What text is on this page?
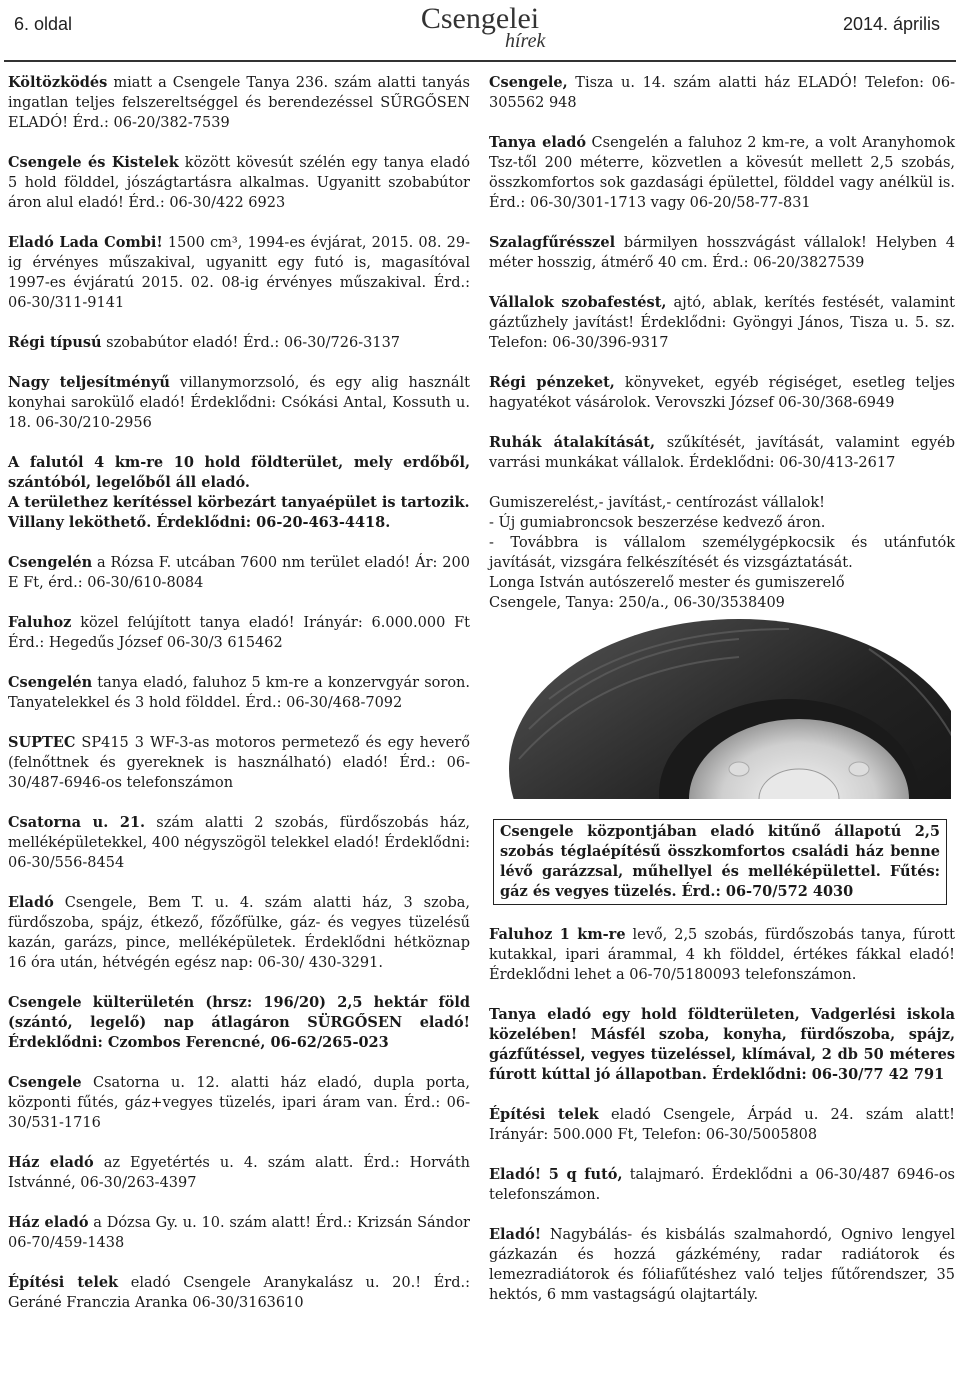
6. oldal	Csengelei
hírek
2014. április

Költözködés miatt a Csengele Tanya 236. szám alatti tanyás ingatlan teljes felszereltséggel és berendezéssel SŰRGŐSEN ELADÓ! Érd.: 06-20/382-7539

Csengele és Kistelek között kövesút szélén egy tanya eladó 5 hold földdel, jószágtartásra alkalmas. Ugyanitt szobabútor áron alul eladó! Érd.: 06-30/422 6923

Eladó Lada Combi! 1500 cm³, 1994-es évjárat, 2015. 08. 29-ig érvényes műszakival, ugyanitt egy futó is, magasítóval 1997-es évjáratú 2015. 02. 08-ig érvényes műszakival. Érd.: 06-30/311-9141

Régi típusú szobabútor eladó! Érd.: 06-30/726-3137

Nagy teljesítményű villanymorzsoló, és egy alig használt konyhai sarokülő eladó! Érdeklődni: Csókási Antal, Kossuth u. 18. 06-30/210-2956

A falutól 4 km-re 10 hold földterület, mely erdőből, szántóból, legelőből áll eladó.
A területhez kerítéssel körbezárt tanyaépület is tartozik.
Villany leköthető. Érdeklődni: 06-20-463-4418.

Csengelén a Rózsa F. utcában 7600 nm terület eladó! Ár: 200 E Ft, érd.: 06-30/610-8084

Faluhoz közel felújított tanya eladó! Irányár: 6.000.000 Ft Érd.: Hegedűs József 06-30/3 615462

Csengelén tanya eladó, faluhoz 5 km-re a konzervgyár soron. Tanyatelekkel és 3 hold földdel. Érd.: 06-30/468-7092

SUPTEC SP415 3 WF-3-as motoros permetező és egy heverő (felnőttnek és gyereknek is használható) eladó! Érd.: 06-30/487-6946-os telefonszámon

Csatorna u. 21. szám alatti 2 szobás, fürdőszobás ház, melléképületekkel, 400 négyszögöl telekkel eladó! Érdeklődni: 06-30/556-8454

Eladó Csengele, Bem T. u. 4. szám alatti ház, 3 szoba, fürdőszoba, spájz, étkező, főzőfülke, gáz- és vegyes tüzelésű kazán, garázs, pince, melléképületek. Érdeklődni hétköznap 16 óra után, hétvégén egész nap: 06-30/ 430-3291.

Csengele külterületén (hrsz: 196/20) 2,5 hektár föld (szántó, legelő) nap átlagáron SÜRGŐSEN eladó! Érdeklődni: Czombos Ferencné, 06-62/265-023

Csengele Csatorna u. 12. alatti ház eladó, dupla porta, központi fűtés, gáz+vegyes tüzelés, ipari áram van. Érd.: 06-30/531-1716

Ház eladó az Egyetértés u. 4. szám alatt. Érd.: Horváth Istvánné, 06-30/263-4397

Ház eladó a Dózsa Gy. u. 10. szám alatt! Érd.: Krizsán Sándor 06-70/459-1438

Építési telek eladó Csengele Aranykalász u. 20.! Érd.: Geráné Franczia Aranka 06-30/3163610

Csengele, Tisza u. 14. szám alatti ház ELADÓ! Telefon: 06-305562 948

Tanya eladó Csengelén a faluhoz 2 km-re, a volt Aranyhomok Tsz-től 200 méterre, közvetlen a kövesút mellett 2,5 szobás, összkomfortos sok gazdasági épülettel, földdel vagy anélkül is. Érd.: 06-30/301-1713 vagy 06-20/58-77-831

Szalagfűrésszel bármilyen hosszvágást vállalok! Helyben 4 méter hosszig, átmérő 40 cm. Érd.: 06-20/3827539

Vállalok szobafestést, ajtó, ablak, kerítés festését, valamint gáztűzhely javítást! Érdeklődni: Gyöngyi János, Tisza u. 5. sz. Telefon: 06-30/396-9317

Régi pénzeket, könyveket, egyéb régiséget, esetleg teljes hagyatékot vásárolok. Verovszki József 06-30/368-6949

Ruhák átalakítását, szűkítését, javítását, valamint egyéb varrási munkákat vállalok. Érdeklődni: 06-30/413-2617

Gumiszerelést,- javítást,- centírozást vállalok!
- Új gumiabroncsok beszerzése kedvező áron.
- Továbbra is vállalom személygépkocsik és utánfutók javítását, vizsgára felkészítését és vizsgáztatását.
Longa István autószerelő mester és gumiszerelő
Csengele, Tanya: 250/a., 06-30/3538409

Csengele központjában eladó kitűnő állapotú 2,5 szobás téglaépítésű összkomfortos családi ház benne lévő garázzsal, műhellyel és melléképülettel. Fűtés: gáz és vegyes tüzelés. Érd.: 06-70/572 4030

Faluhoz 1 km-re levő, 2,5 szobás, fürdőszobás tanya, fúrott kutakkal, ipari árammal, 4 kh földdel, értékes fákkal eladó! Érdeklődni lehet a 06-70/5180093 telefonszámon.

Tanya eladó egy hold földterületen, Vadgerlési iskola közelében! Másfél szoba, konyha, fürdőszoba, spájz, gázfűtéssel, vegyes tüzeléssel, klímával, 2 db 50 méteres fúrott kúttal jó állapotban. Érdeklődni: 06-30/77 42 791

Építési telek eladó Csengele, Árpád u. 24. szám alatt! Irányár: 500.000 Ft, Telefon: 06-30/5005808

Eladó! 5 q futó, talajmaró. Érdeklődni a 06-30/487 6946-os telefonszámon.

Eladó! Nagybálás- és kisbálás szalmahordó, Ognivo lengyel gázkazán és hozzá gázkémény, radar radiátorok és lemezradiátorok és fóliafűtéshez való teljes fűtőrendszer, 35 hektós, 6 mm vastagságú olajtartály.
